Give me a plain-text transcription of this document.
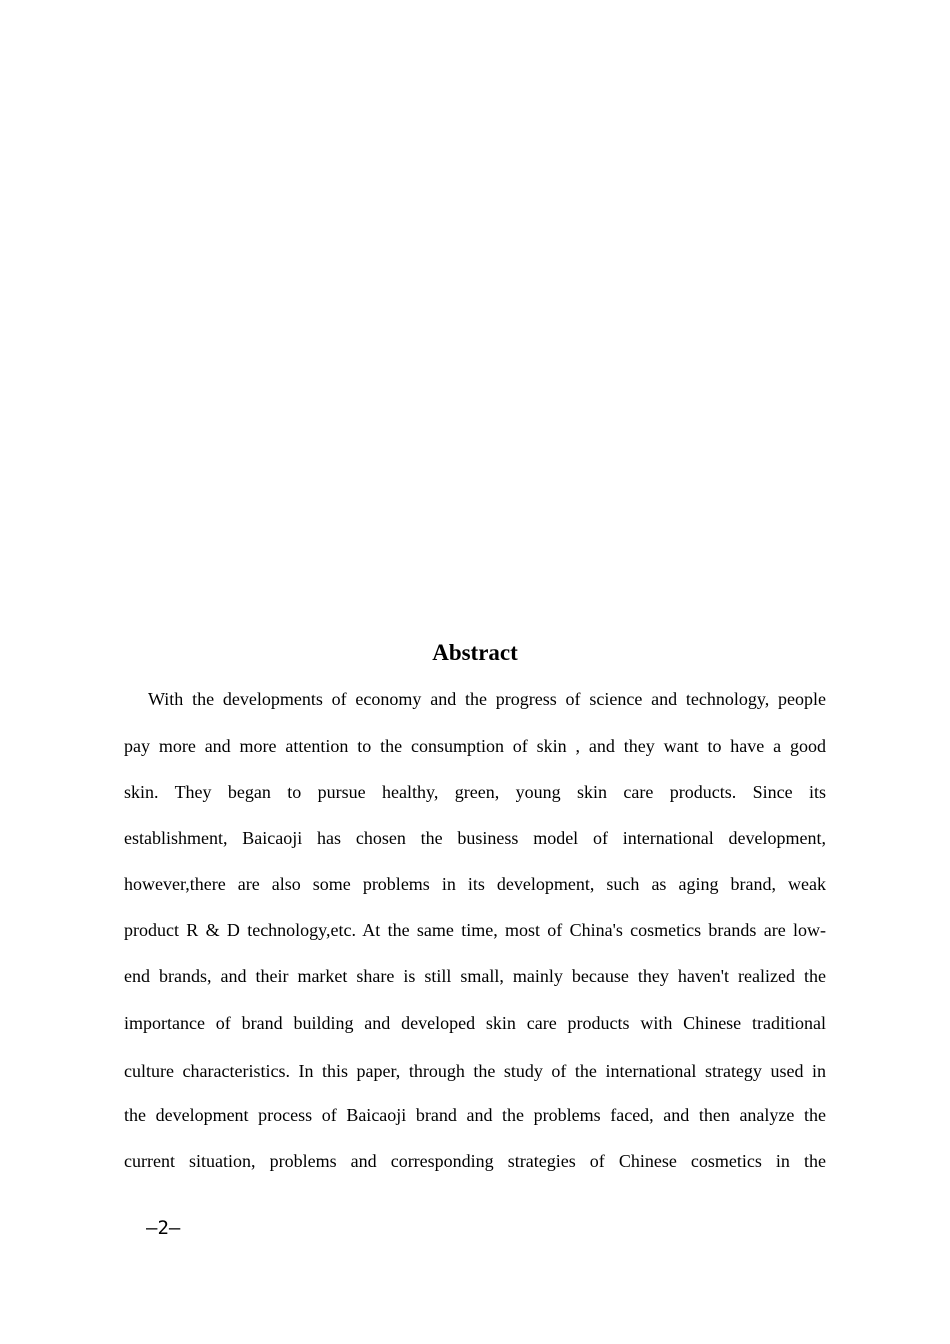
Abstract
With the developments of economy and the progress of science and technology, people
pay more and more attention to the consumption of skin , and they want to have a good
skin. They began to pursue healthy, green, young skin care products. Since its
establishment, Baicaoji has chosen the business model of international development,
however,there are also some problems in its development, such as aging brand, weak
product R & D technology,etc. At the same time, most of China's cosmetics brands are low-
end brands, and their market share is still small, mainly because they haven't realized the
importance of brand building and developed skin care products with Chinese traditional
culture characteristics. In this paper, through the study of the international strategy used in
the development process of Baicaoji brand and the problems faced, and then analyze the
current situation, problems and corresponding strategies of Chinese cosmetics in the
—2—
